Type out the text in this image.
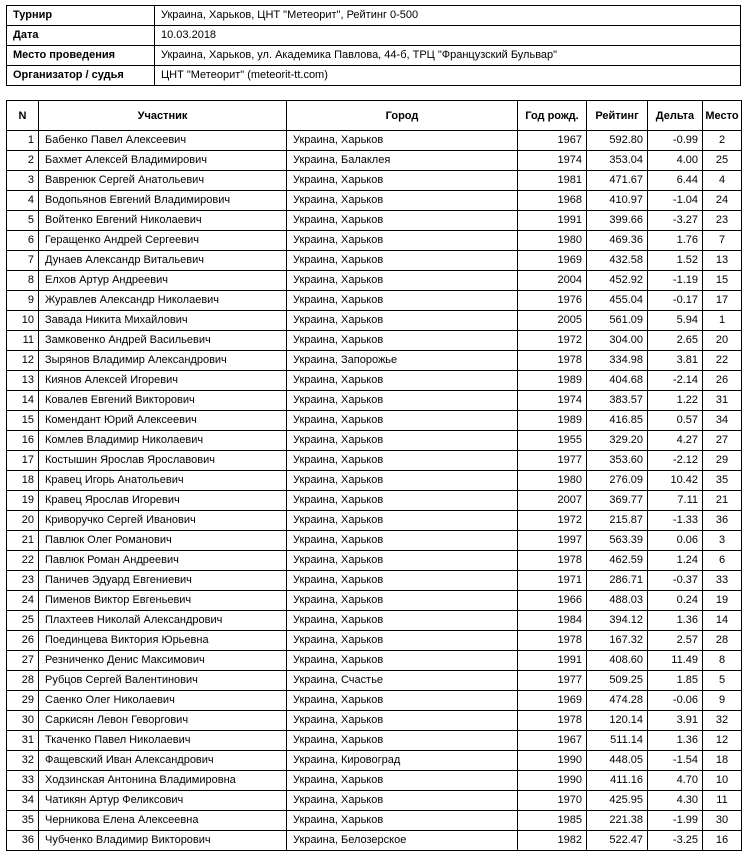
Турнир	Украина, Харьков, ЦНТ "Метеорит", Рейтинг 0-500
Дата	10.03.2018
Место проведения	Украина, Харьков, ул. Академика Павлова, 44-б, ТРЦ "Французский Бульвар"
Организатор / судья	ЦНТ "Метеорит" (meteorit-tt.com)
N	Участник	Город	Год рожд.	Рейтинг	Дельта	Место
1	Бабенко Павел Алексеевич	Украина, Харьков	1967	592.80	-0.99	2
2	Бахмет Алексей Владимирович	Украина, Балаклея	1974	353.04	4.00	25
3	Вавренюк Сергей Анатольевич	Украина, Харьков	1981	471.67	6.44	4
4	Водопьянов Евгений Владимирович	Украина, Харьков	1968	410.97	-1.04	24
5	Войтенко Евгений Николаевич	Украина, Харьков	1991	399.66	-3.27	23
6	Геращенко Андрей Сергеевич	Украина, Харьков	1980	469.36	1.76	7
7	Дунаев Александр Витальевич	Украина, Харьков	1969	432.58	1.52	13
8	Елхов Артур Андреевич	Украина, Харьков	2004	452.92	-1.19	15
9	Журавлев Александр Николаевич	Украина, Харьков	1976	455.04	-0.17	17
10	Завада Никита Михайлович	Украина, Харьков	2005	561.09	5.94	1
11	Замковенко Андрей Васильевич	Украина, Харьков	1972	304.00	2.65	20
12	Зырянов Владимир Александрович	Украина, Запорожье	1978	334.98	3.81	22
13	Киянов Алексей Игоревич	Украина, Харьков	1989	404.68	-2.14	26
14	Ковалев Евгений Викторович	Украина, Харьков	1974	383.57	1.22	31
15	Комендант Юрий Алексеевич	Украина, Харьков	1989	416.85	0.57	34
16	Комлев Владимир Николаевич	Украина, Харьков	1955	329.20	4.27	27
17	Костышин Ярослав Ярославович	Украина, Харьков	1977	353.60	-2.12	29
18	Кравец Игорь Анатольевич	Украина, Харьков	1980	276.09	10.42	35
19	Кравец Ярослав Игоревич	Украина, Харьков	2007	369.77	7.11	21
20	Криворучко Сергей Иванович	Украина, Харьков	1972	215.87	-1.33	36
21	Павлюк Олег Романович	Украина, Харьков	1997	563.39	0.06	3
22	Павлюк Роман Андреевич	Украина, Харьков	1978	462.59	1.24	6
23	Паничев Эдуард Евгениевич	Украина, Харьков	1971	286.71	-0.37	33
24	Пименов Виктор Евгеньевич	Украина, Харьков	1966	488.03	0.24	19
25	Плахтеев Николай Александрович	Украина, Харьков	1984	394.12	1.36	14
26	Поединцева Виктория Юрьевна	Украина, Харьков	1978	167.32	2.57	28
27	Резниченко Денис Максимович	Украина, Харьков	1991	408.60	11.49	8
28	Рубцов Сергей Валентинович	Украина, Счастье	1977	509.25	1.85	5
29	Саенко Олег Николаевич	Украина, Харьков	1969	474.28	-0.06	9
30	Саркисян Левон Геворгович	Украина, Харьков	1978	120.14	3.91	32
31	Ткаченко Павел Николаевич	Украина, Харьков	1967	511.14	1.36	12
32	Фащевский Иван Александрович	Украина, Кировоград	1990	448.05	-1.54	18
33	Ходзинская Антонина Владимировна	Украина, Харьков	1990	411.16	4.70	10
34	Чатикян Артур Феликсович	Украина, Харьков	1970	425.95	4.30	11
35	Черникова Елена Алексеевна	Украина, Харьков	1985	221.38	-1.99	30
36	Чубченко Владимир Викторович	Украина, Белозерское	1982	522.47	-3.25	16
